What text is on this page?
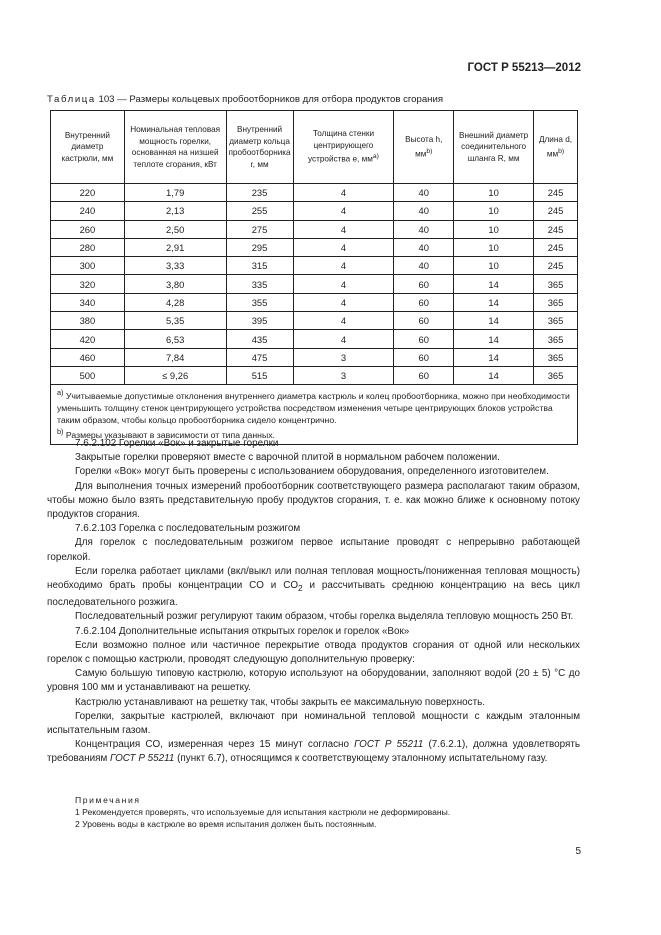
ГОСТ Р 55213—2012
Таблица 103 — Размеры кольцевых пробоотборников для отбора продуктов сгорания
Внутренний диаметр кастрюли, мм	Номинальная тепловая мощность горелки, основанная на низшей теплоте сгорания, кВт	Внутренний диаметр кольца пробоотборника r, мм	Толщина стенки центрирующего устройства e, $мм^{a)}$	Высота h, $мм^{b)}$	Внешний диаметр соединительного шланга R, мм	Длина d, $мм^{b)}$
220	1,79	235	4	40	10	245
240	2,13	255	4	40	10	245
260	2,50	275	4	40	10	245
280	2,91	295	4	40	10	245
300	3,33	315	4	40	10	245
320	3,80	335	4	60	14	365
340	4,28	355	4	60	14	365
380	5,35	395	4	60	14	365
420	6,53	435	4	60	14	365
460	7,84	475	3	60	14	365
500	≤ 9,26	515	3	60	14	365

$^{a)}$ Учитываемые допустимые отклонения внутреннего диаметра кастрюль и колец пробоотборника, можно при необходимости уменьшить толщину стенок центрирующего устройства посредством изменения четыре центрирующих блоков устройства таким образом, чтобы кольцо пробоотборника сидело концентрично.
$^{b)}$ Размеры указывают в зависимости от типа данных.						

7.6.2.102 Горелки «Вок» и закрытые горелки

Закрытые горелки проверяют вместе с варочной плитой в нормальном рабочем положении.

Горелки «Вок» могут быть проверены с использованием оборудования, определенного изготовителем.

Для выполнения точных измерений пробоотборник соответствующего размера располагают таким образом, чтобы можно было взять представительную пробу продуктов сгорания, т. е. как можно ближе к основному потоку продуктов сгорания.

7.6.2.103 Горелка с последовательным розжигом

Для горелок с последовательным розжигом первое испытание проводят с непрерывно работающей горелкой.

Если горелка работает циклами (вкл/выкл или полная тепловая мощность/пониженная тепловая мощность) необходимо брать пробы концентрации CO и $CO_2$ и рассчитывать среднюю концентрацию на весь цикл последовательного розжига.

Последовательный розжиг регулируют таким образом, чтобы горелка выделяла тепловую мощность 250 Вт.

7.6.2.104 Дополнительные испытания открытых горелок и горелок «Вок»

Если возможно полное или частичное перекрытие отвода продуктов сгорания от одной или нескольких горелок с помощью кастрюли, проводят следующую дополнительную проверку:

Самую большую типовую кастрюлю, которую используют на оборудовании, заполняют водой (20 ± 5) °C до уровня 100 мм и устанавливают на решетку.

Кастрюлю устанавливают на решетку так, чтобы закрыть ее максимальную поверхность.

Горелки, закрытые кастрюлей, включают при номинальной тепловой мощности с каждым эталонным испытательным газом.

Концентрация CO, измеренная через 15 минут согласно ГОСТ Р 55211 (7.6.2.1), должна удовлетворять требованиям ГОСТ Р 55211 (пункт 6.7), относящимся к соответствующему эталонному испытательному газу.

Примечания

1 Рекомендуется проверять, что используемые для испытания кастрюли не деформированы.

2 Уровень воды в кастрюле во время испытания должен быть постоянным.

5
